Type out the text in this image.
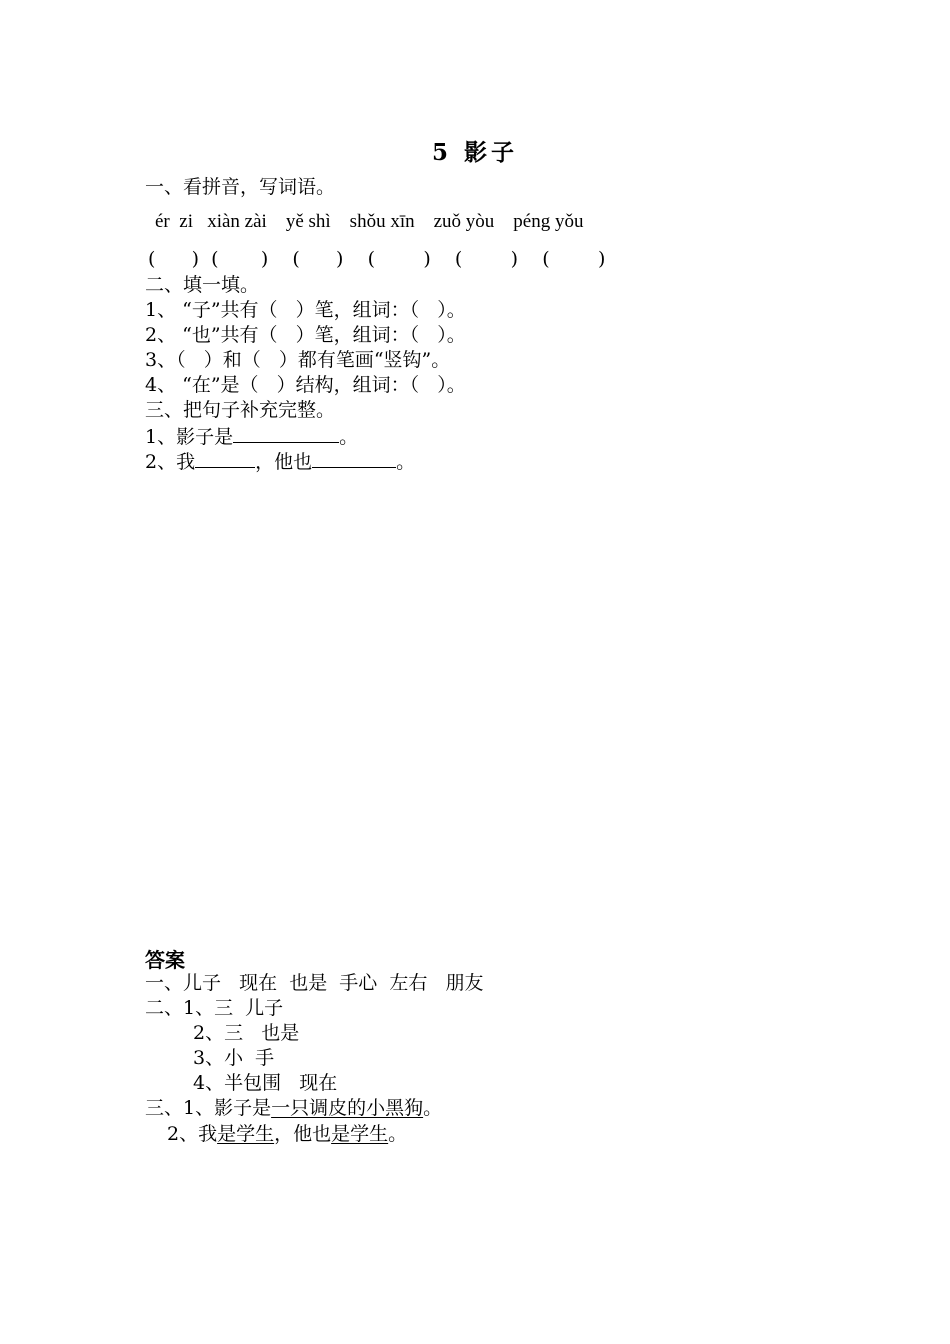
5 影子
一、看拼音，写词语。
ér  zi   xiàn zài    yě shì    shǒu xīn    zuǒ yòu    péng yǒu
(      )  (       )    (      )    (        )    (        )    (        )
二、填一填。
1、 “子”共有（   ）笔，组词：（   ）。
2、 “也”共有（   ）笔，组词：（   ）。
3、（   ）和（   ）都有笔画“竖钩”。
4、 “在”是（   ）结构，组词：（   ）。
三、把句子补充完整。
1、影子是	。
2、我	，他也	。
答案
一、儿子   现在  也是  手心  左右   朋友
二、1、三  儿子
2、三   也是
3、小  手
4、半包围   现在
三、1、影子是一只调皮的小黑狗。
2、我是学生，他也是学生。
